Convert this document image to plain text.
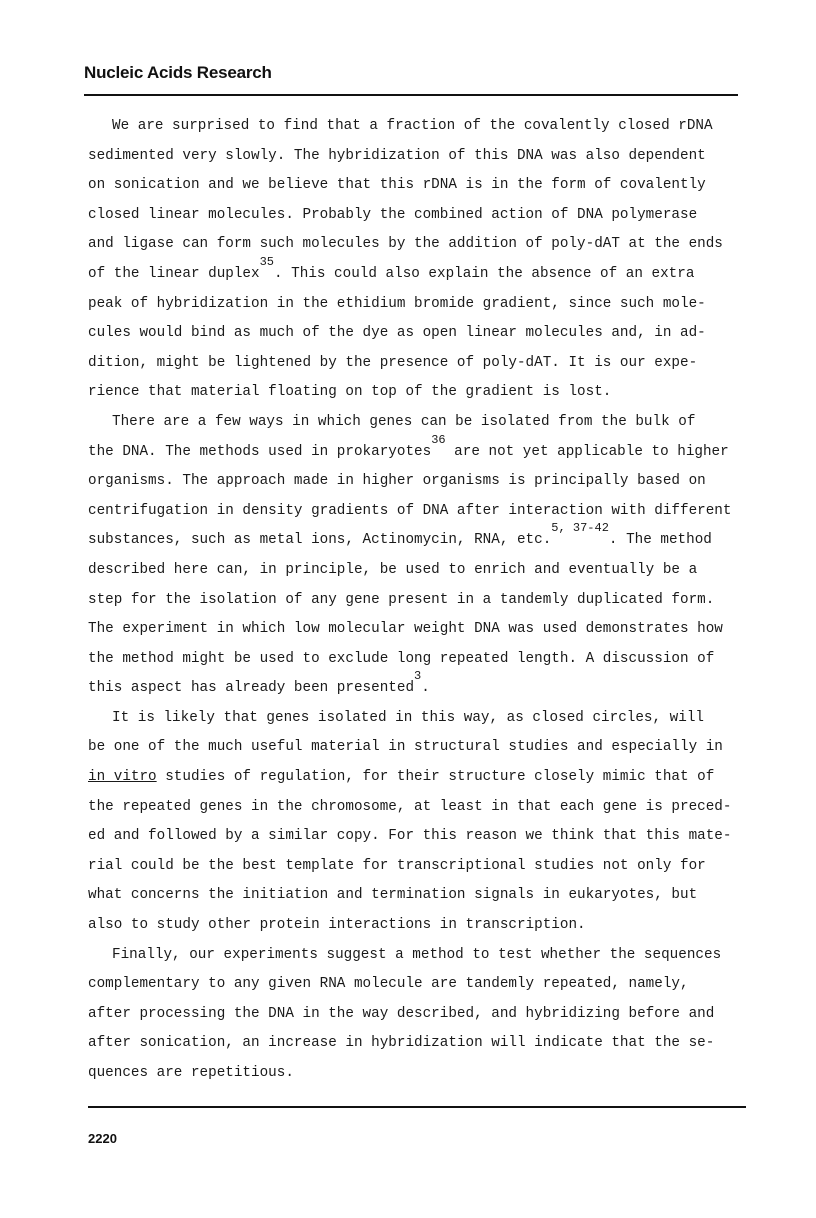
Nucleic Acids Research
We are surprised to find that a fraction of the covalently closed rDNA
sedimented very slowly. The hybridization of this DNA was also dependent
on sonication and we believe that this rDNA is in the form of covalently
closed linear molecules. Probably the combined action of DNA polymerase
and ligase can form such molecules by the addition of poly-dAT at the ends
of the linear duplex$^{35}$. This could also explain the absence of an extra
peak of hybridization in the ethidium bromide gradient, since such mole-
cules would bind as much of the dye as open linear molecules and, in ad-
dition, might be lightened by the presence of poly-dAT. It is our expe-
rience that material floating on top of the gradient is lost.
There are a few ways in which genes can be isolated from the bulk of
the DNA. The methods used in prokaryotes$^{36}$ are not yet applicable to higher
organisms. The approach made in higher organisms is principally based on
centrifugation in density gradients of DNA after interaction with different
substances, such as metal ions, Actinomycin, RNA, etc.$^{5, 37-42}$. The method
described here can, in principle, be used to enrich and eventually be a
step for the isolation of any gene present in a tandemly duplicated form.
The experiment in which low molecular weight DNA was used demonstrates how
the method might be used to exclude long repeated length. A discussion of
this aspect has already been presented$^3$.
It is likely that genes isolated in this way, as closed circles, will
be one of the much useful material in structural studies and especially in
in vitro studies of regulation, for their structure closely mimic that of
the repeated genes in the chromosome, at least in that each gene is preced-
ed and followed by a similar copy. For this reason we think that this mate-
rial could be the best template for transcriptional studies not only for
what concerns the initiation and termination signals in eukaryotes, but
also to study other protein interactions in transcription.
Finally, our experiments suggest a method to test whether the sequences
complementary to any given RNA molecule are tandemly repeated, namely,
after processing the DNA in the way described, and hybridizing before and
after sonication, an increase in hybridization will indicate that the se-
quences are repetitious.
2220
